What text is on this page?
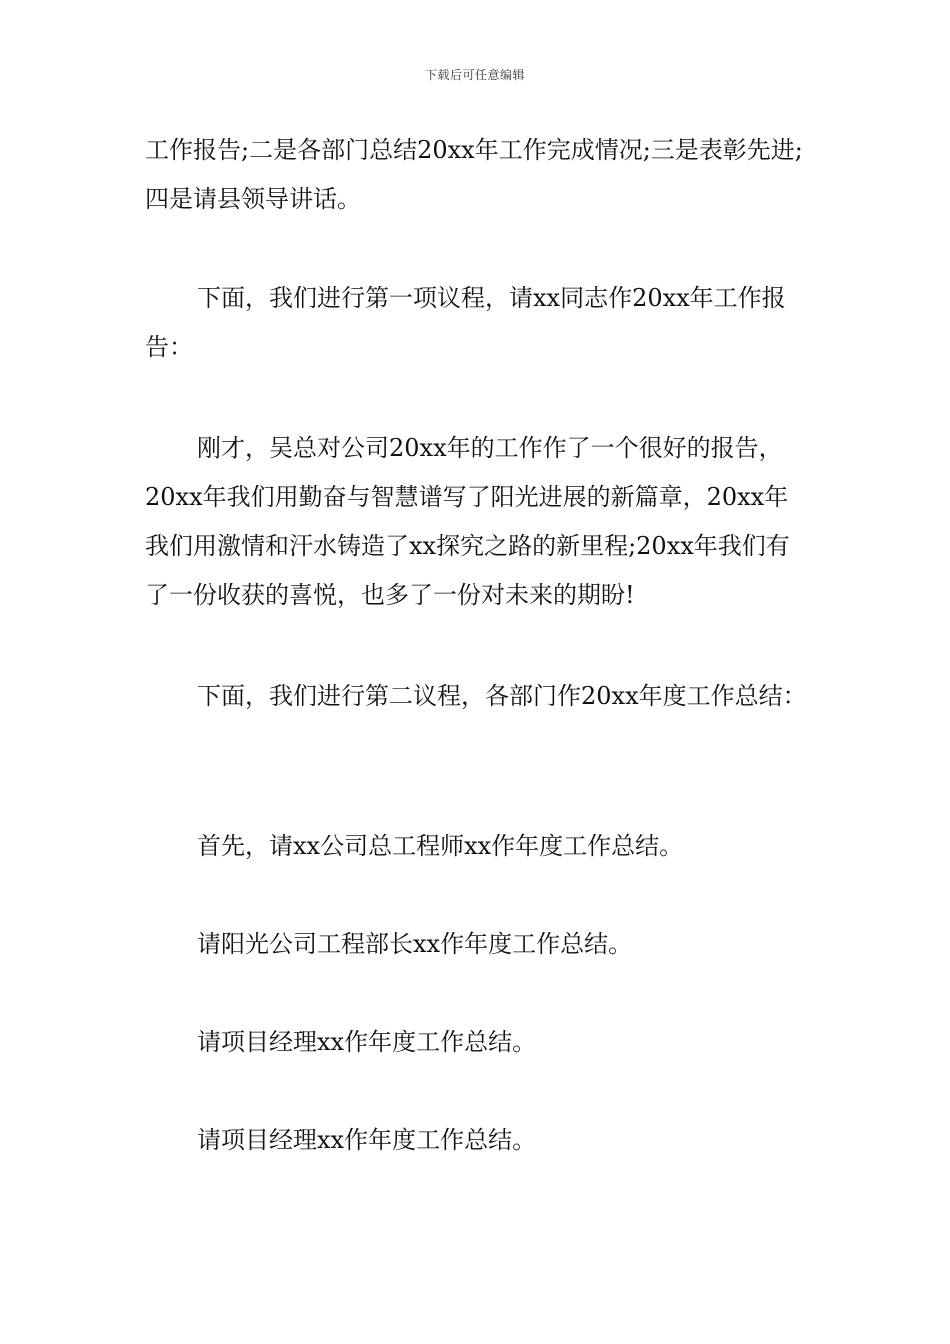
下载后可任意编辑

工作报告;二是各部门总结20xx年工作完成情况;三是表彰先进;四是请县领导讲话。

下面，我们进行第一项议程，请xx同志作20xx年工作报告：

刚才，吴总对公司20xx年的工作作了一个很好的报告，20xx年我们用勤奋与智慧谱写了阳光进展的新篇章，20xx年我们用激情和汗水铸造了xx探究之路的新里程;20xx年我们有了一份收获的喜悦，也多了一份对未来的期盼!

下面，我们进行第二议程，各部门作20xx年度工作总结：

首先，请xx公司总工程师xx作年度工作总结。

请阳光公司工程部长xx作年度工作总结。

请项目经理xx作年度工作总结。

请项目经理xx作年度工作总结。
